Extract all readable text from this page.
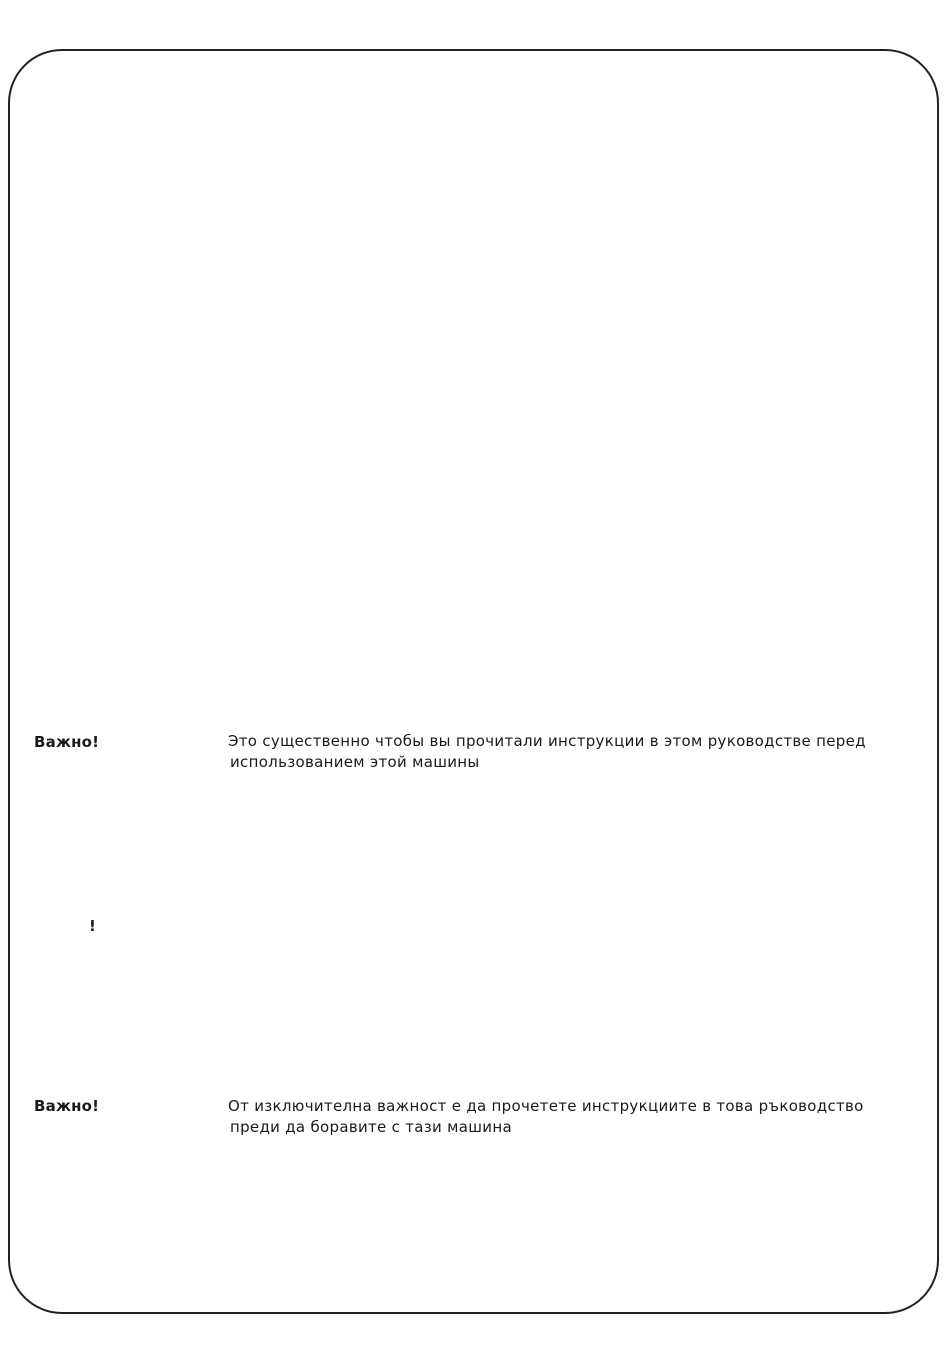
Важно!	Это существенно чтобы вы прочитали инструкции в этом руководстве перед
использованием этой машины
!
Важно!	От изключителна важност е да прочетете инструкциите в това ръководство
преди да боравите с тази машина
